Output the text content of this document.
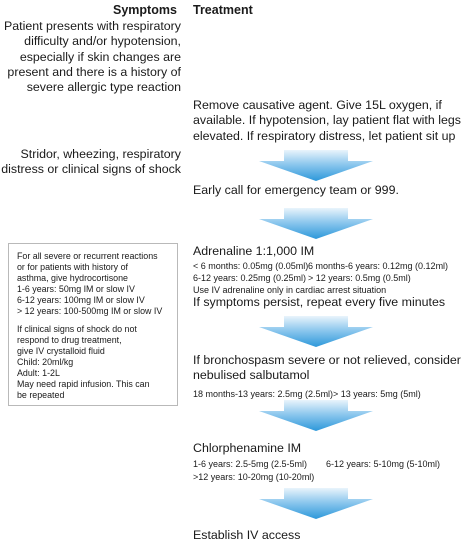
Symptoms Treatment
Patient presents with respiratory
difficulty and/or hypotension,
especially if skin changes are
present and there is a history of
severe allergic type reaction
Stridor, wheezing, respiratory
distress or clinical signs of shock
Remove causative agent. Give 15L oxygen, if
available. If hypotension, lay patient flat with legs
elevated. If respiratory distress, let patient sit up
Early call for emergency team or 999.
Adrenaline 1:1,000 IM
< 6 months: 0.05mg (0.05ml) 6 months-6 years: 0.12mg (0.12ml)
6-12 years: 0.25mg (0.25ml) > 12 years: 0.5mg (0.5ml)
Use IV adrenaline only in cardiac arrest situation
If symptoms persist, repeat every five minutes
If bronchospasm severe or not relieved, consider
nebulised salbutamol
18 months-13 years: 2.5mg (2.5ml) > 13 years: 5mg (5ml)
Chlorphenamine IM
1-6 years: 2.5-5mg (2.5-5ml) 6-12 years: 5-10mg (5-10ml)
>12 years: 10-20mg (10-20ml)
Establish IV access
For all severe or recurrent reactions
or for patients with history of
asthma, give hydrocortisone
1-6 years: 50mg IM or slow IV
6-12 years: 100mg IM or slow IV
> 12 years: 100-500mg IM or slow IV
If clinical signs of shock do not
respond to drug treatment,
give IV crystalloid fluid
Child: 20ml/kg
Adult: 1-2L
May need rapid infusion. This can
be repeated
